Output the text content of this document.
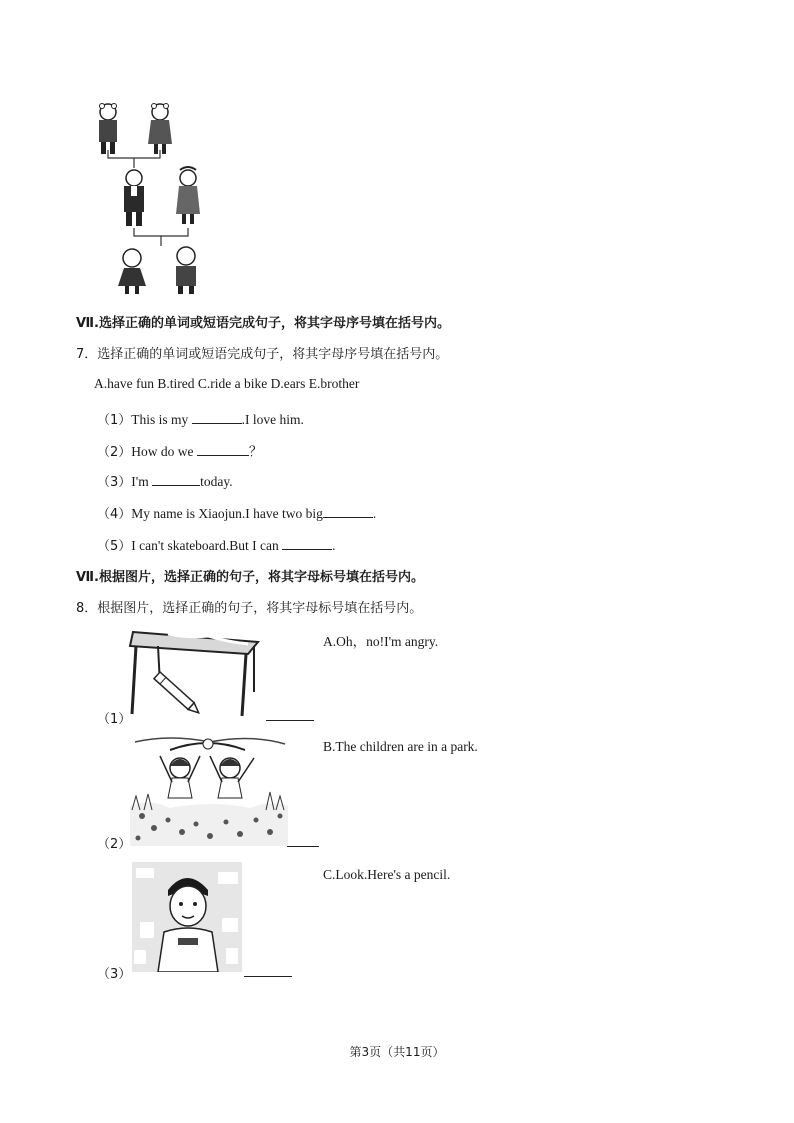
Ⅶ.选择正确的单词或短语完成句子，将其字母序号填在括号内。
7．选择正确的单词或短语完成句子，将其字母序号填在括号内。
A.have fun B.tired C.ride a bike D.ears E.brother
（1）This is my	.I love him.
（2）How do we	？
（3）I'm	today.
（4）My name is Xiaojun.I have two big	.
（5）I can't skateboard.But I can	.
Ⅶ.根据图片，选择正确的句子，将其字母标号填在括号内。
8．根据图片，选择正确的句子，将其字母标号填在括号内。
（1）
A.Oh，no!I'm angry.
（2）
B.The children are in a park.
（3）
C.Look.Here's a pencil.
第3页（共11页）
